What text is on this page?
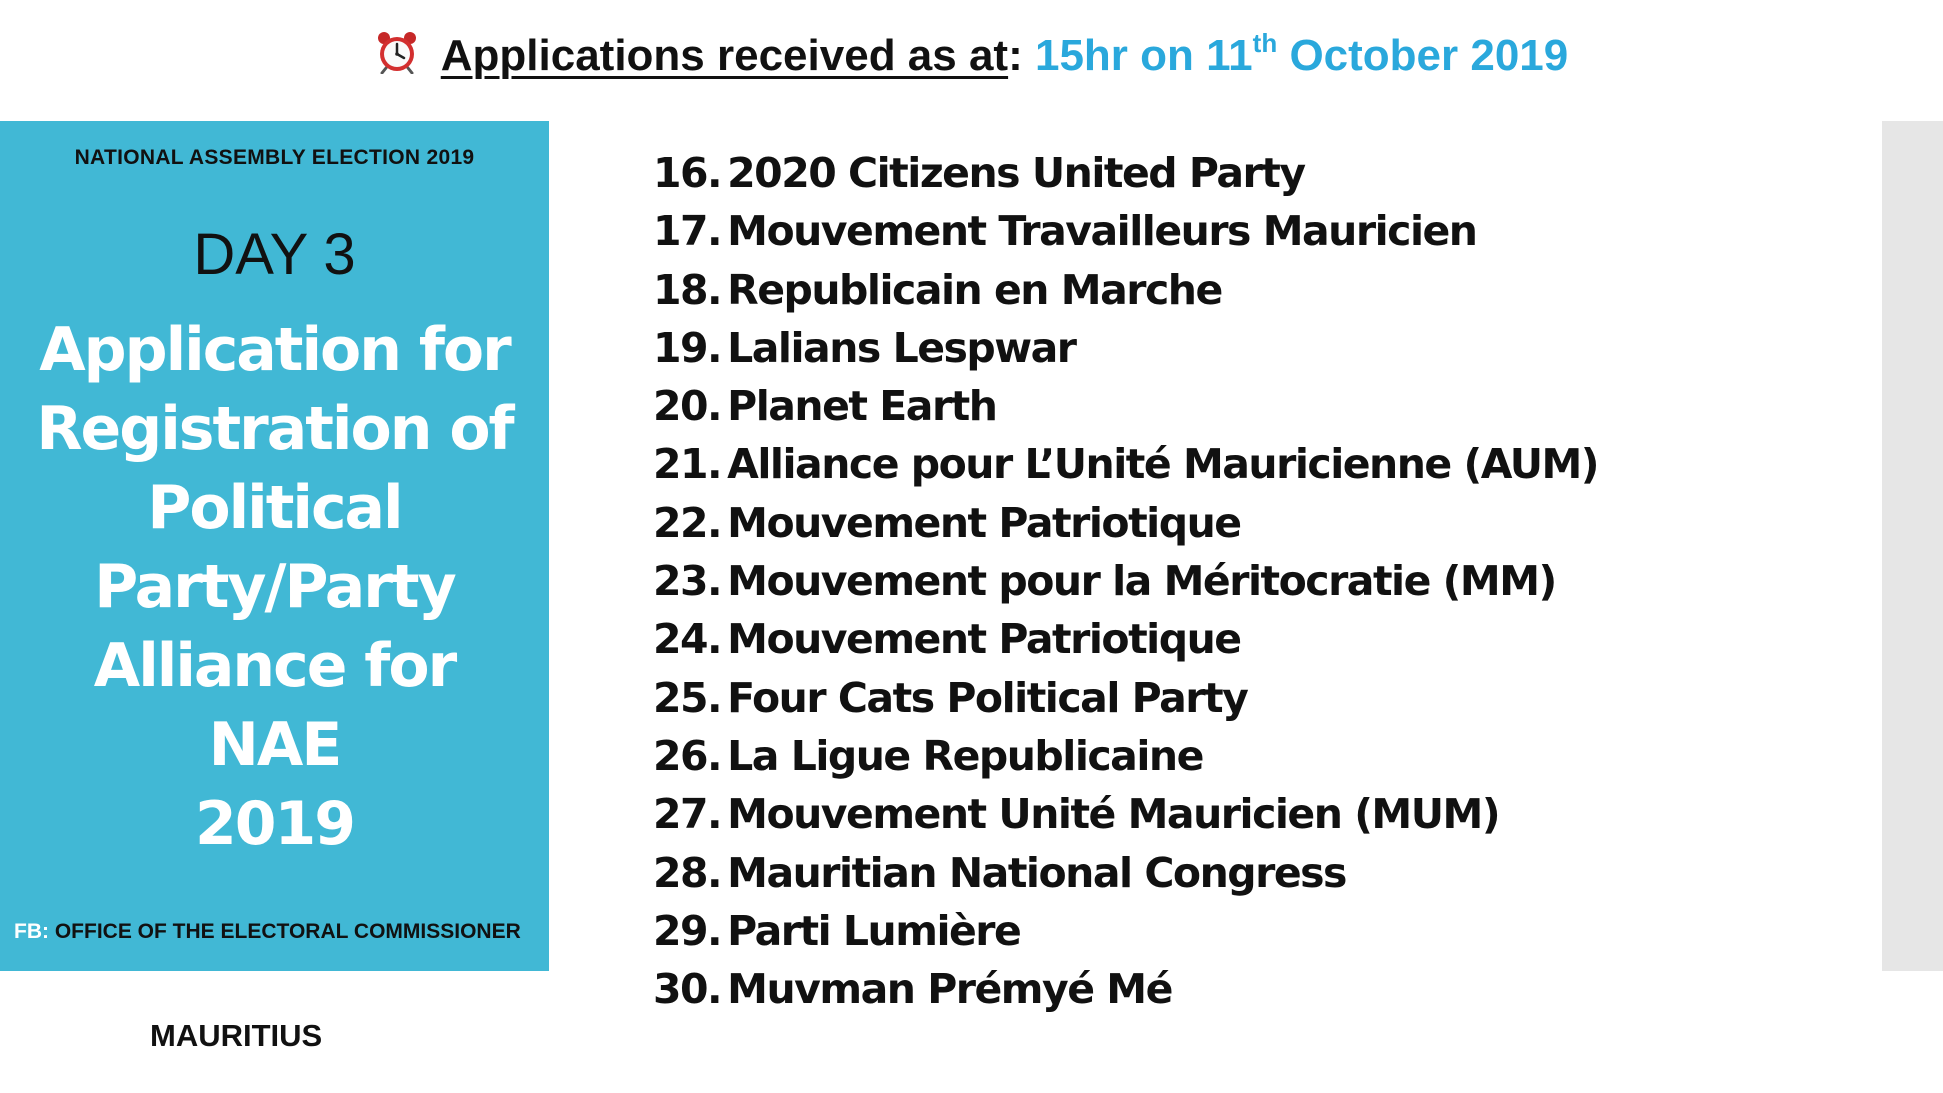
Applications received as at: 15hr on 11th October 2019
NATIONAL ASSEMBLY ELECTION 2019
DAY 3
Application for
Registration of
Political
Party/Party
Alliance for NAE
2019
FB: OFFICE OF THE ELECTORAL COMMISSIONER
MAURITIUS
16. 2020 Citizens United Party
17. Mouvement Travailleurs Mauricien
18. Republicain en Marche
19. Lalians Lespwar
20. Planet Earth
21. Alliance pour L’Unité Mauricienne (AUM)
22. Mouvement Patriotique
23. Mouvement pour la Méritocratie (MM)
24. Mouvement Patriotique
25. Four Cats Political Party
26. La Ligue Republicaine
27. Mouvement Unité Mauricien (MUM)
28. Mauritian National Congress
29. Parti Lumière
30. Muvman Prémyé Mé
